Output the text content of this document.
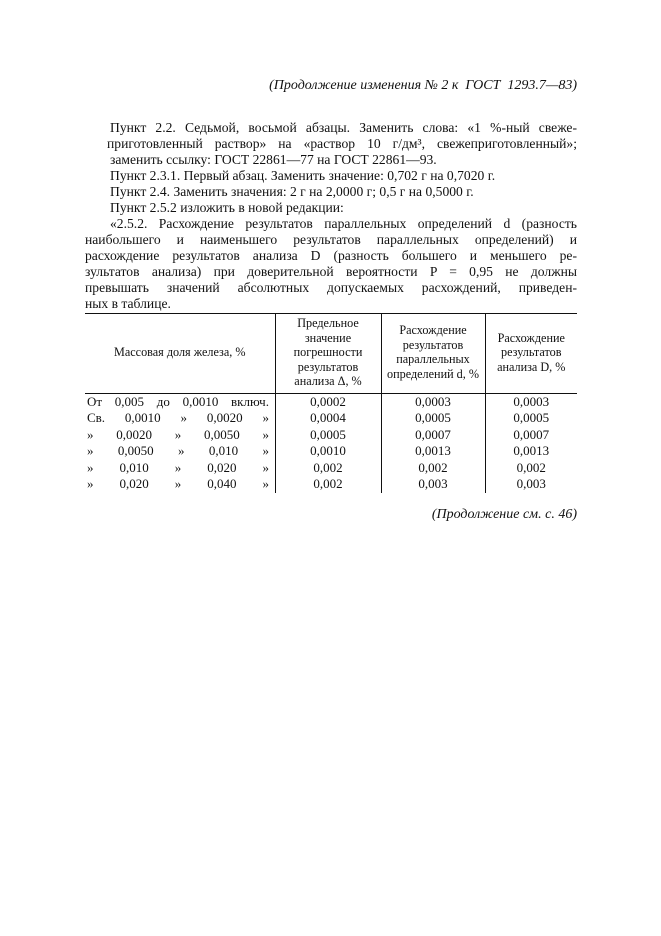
(Продолжение изменения № 2 к  ГОСТ  1293.7—83)
Пункт 2.2. Седьмой, восьмой абзацы. Заменить слова: «1 %-ный свеже-
приготовленный раствор» на «раствор 10 г/дм³, свежеприготовленный»;
заменить ссылку: ГОСТ 22861—77 на ГОСТ 22861—93.
Пункт 2.3.1. Первый абзац. Заменить значение: 0,702 г на 0,7020 г.
Пункт 2.4. Заменить значения: 2 г на 2,0000 г; 0,5 г на 0,5000 г.
Пункт 2.5.2 изложить в новой редакции:
«2.5.2. Расхождение результатов параллельных определений d (разность
наибольшего и наименьшего результатов параллельных определений) и
расхождение результатов анализа D (разность большего и меньшего ре-
зультатов анализа) при доверительной вероятности P = 0,95 не должны
превышать значений абсолютных допускаемых расхождений, приведен-
ных в таблице.
Массовая доля железа, %	Предельное значение погрешности результатов анализа Δ, %	Расхождение результатов параллельных определений d, %	Расхождение результатов анализа D, %

От 0,005 до 0,0010 включ.	0,0002	0,0003	0,0003

Св. 0,0010 » 0,0020 »	0,0004	0,0005	0,0005

» 0,0020 » 0,0050 »	0,0005	0,0007	0,0007

» 0,0050 » 0,010 »	0,0010	0,0013	0,0013

» 0,010 » 0,020 »	0,002	0,002	0,002

» 0,020 » 0,040 »	0,002	0,003	0,003
(Продолжение см. с. 46)
